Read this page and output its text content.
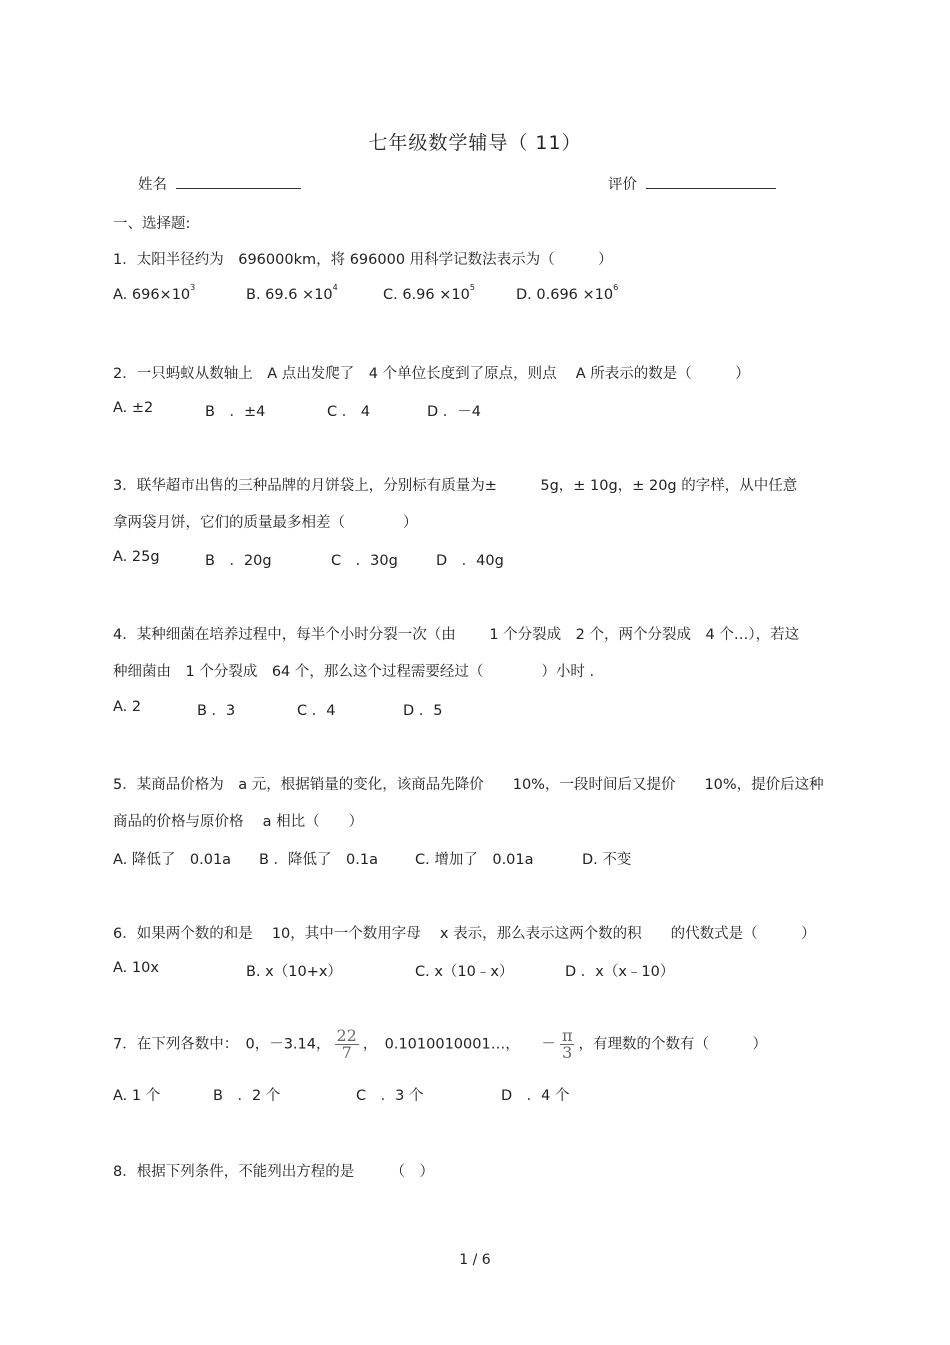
七年级数学辅导（ 11）
姓名	评价
一、选择题:
1．太阳半径约为　696000km，将 696000 用科学记数法表示为（　　　）
A. $696\times 10^3$	B. $69.6 \times 10^4$	C. $6.96 \times 10^5$	D. $0.696 \times 10^6$
2．一只蚂蚁从数轴上　A 点出发爬了　4 个单位长度到了原点，则点　 A 所表示的数是（　　　）
A. ±2	B　．±4	C ． 4	D ．－4
3．联华超市出售的三种品牌的月饼袋上，分别标有质量为±　　　5g，± 10g，± 20g 的字样，从中任意
拿两袋月饼，它们的质量最多相差（　　　　）
A. 25g	B　．20g	C　．30g	D　．40g
4．某种细菌在培养过程中，每半个小时分裂一次（由　　 1 个分裂成　2 个，两个分裂成　4 个…），若这
种细菌由　1 个分裂成　64 个，那么这个过程需要经过（　　　　）小时 .
A. 2	B ．3	C ．4	D ．5
5．某商品价格为　a 元，根据销量的变化，该商品先降价　　10%，一段时间后又提价　　10%，提价后这种
商品的价格与原价格　 a 相比（　　）
A. 降低了　0.01a B ．降低了　0.1a	C. 增加了　0.01a	D. 不变
6．如果两个数的和是　 10，其中一个数用字母　 x 表示，那么表示这两个数的积　　的代数式是（　　　）
A. 10x	B. x（10+x）	C. x（10﹣x）	D ．x（x﹣10）
7．在下列各数中：　0，－3.14， $\frac{22}{7}$ ，　0.1010010001…，　　－ $\frac{\pi}{3}$ ，有理数的个数有（　　　）
A. 1 个	B　．2 个	C　．3 个	D　．4 个
8．根据下列条件，不能列出方程的是　　　（　）
1 / 6
